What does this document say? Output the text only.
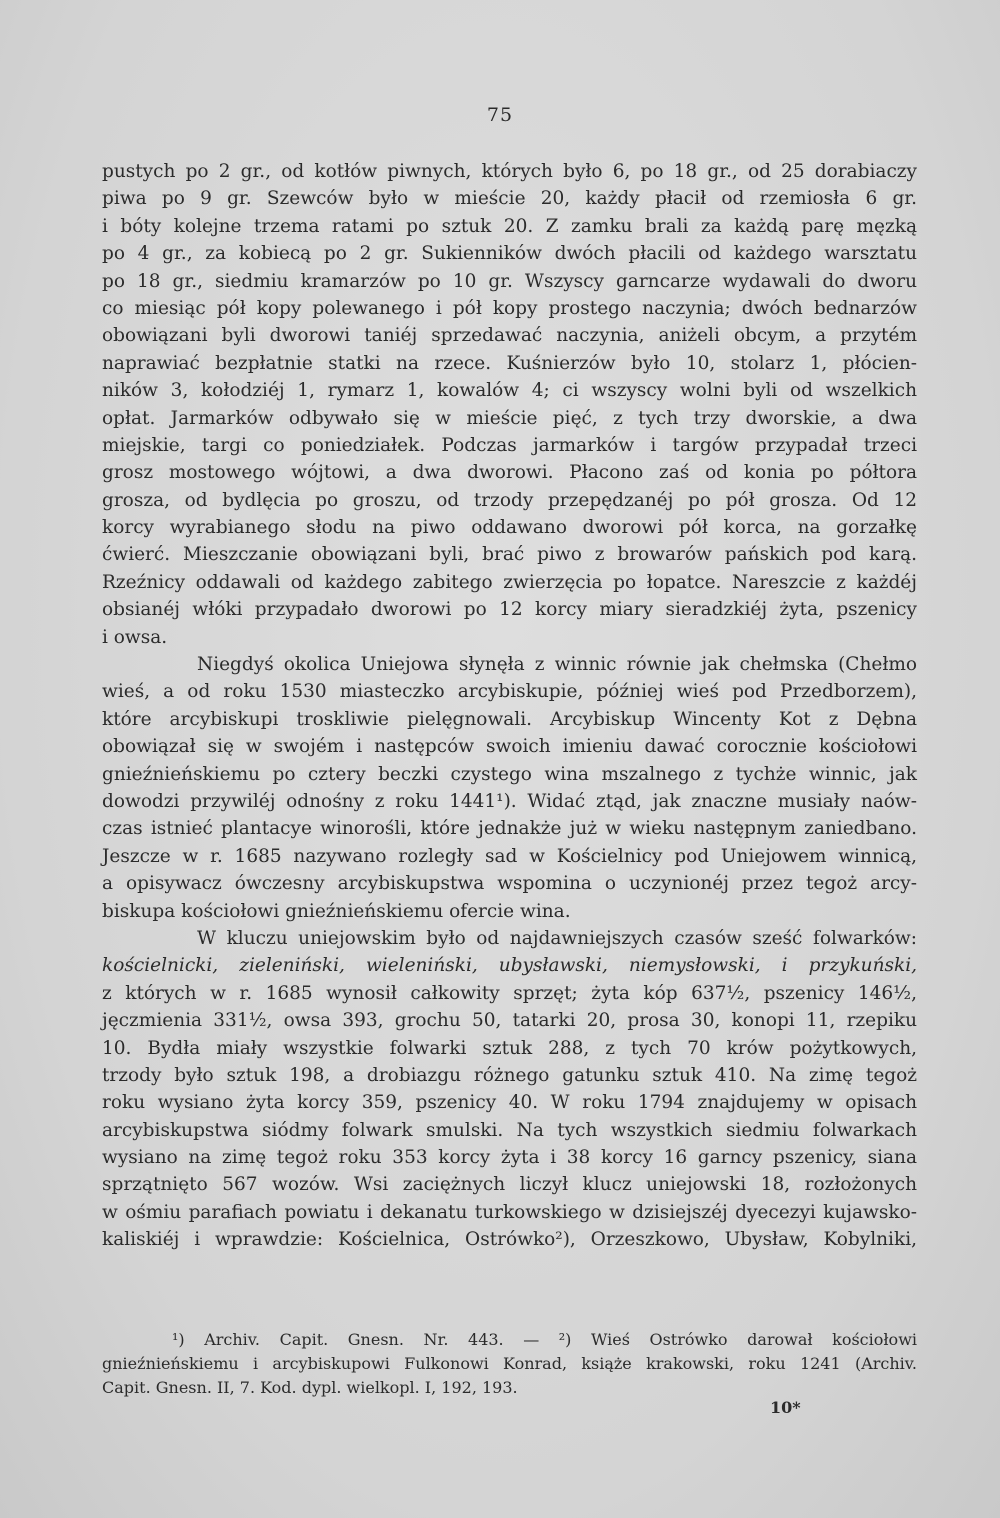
75
pustych po 2 gr., od kotłów piwnych, których było 6, po 18 gr., od 25 dorabiaczy
piwa po 9 gr. Szewców było w mieście 20, każdy płacił od rzemiosła 6 gr.
i bóty kolejne trzema ratami po sztuk 20. Z zamku brali za każdą parę męzką
po 4 gr., za kobiecą po 2 gr. Sukienników dwóch płacili od każdego warsztatu
po 18 gr., siedmiu kramarzów po 10 gr. Wszyscy garncarze wydawali do dworu
co miesiąc pół kopy polewanego i pół kopy prostego naczynia; dwóch bednarzów
obowiązani byli dworowi taniéj sprzedawać naczynia, aniżeli obcym, a przytém
naprawiać bezpłatnie statki na rzece. Kuśnierzów było 10, stolarz 1, płócien-
ników 3, kołodziéj 1, rymarz 1, kowalów 4; ci wszyscy wolni byli od wszelkich
opłat. Jarmarków odbywało się w mieście pięć, z tych trzy dworskie, a dwa
miejskie, targi co poniedziałek. Podczas jarmarków i targów przypadał trzeci
grosz mostowego wójtowi, a dwa dworowi. Płacono zaś od konia po półtora
grosza, od bydlęcia po groszu, od trzody przepędzanéj po pół grosza. Od 12
korcy wyrabianego słodu na piwo oddawano dworowi pół korca, na gorzałkę
ćwierć. Mieszczanie obowiązani byli, brać piwo z browarów pańskich pod karą.
Rzeźnicy oddawali od każdego zabitego zwierzęcia po łopatce. Nareszcie z każdéj
obsianéj włóki przypadało dworowi po 12 korcy miary sieradzkiéj żyta, pszenicy
i owsa.
Niegdyś okolica Uniejowa słynęła z winnic równie jak chełmska (Chełmo
wieś, a od roku 1530 miasteczko arcybiskupie, później wieś pod Przedborzem),
które arcybiskupi troskliwie pielęgnowali. Arcybiskup Wincenty Kot z Dębna
obowiązał się w swojém i następców swoich imieniu dawać corocznie kościołowi
gnieźnieńskiemu po cztery beczki czystego wina mszalnego z tychże winnic, jak
dowodzi przywiléj odnośny z roku 1441¹). Widać ztąd, jak znaczne musiały naów-
czas istnieć plantacye winorośli, które jednakże już w wieku następnym zaniedbano.
Jeszcze w r. 1685 nazywano rozległy sad w Kościelnicy pod Uniejowem winnicą,
a opisywacz ówczesny arcybiskupstwa wspomina o uczynionéj przez tegoż arcy-
biskupa kościołowi gnieźnieńskiemu ofercie wina.
W kluczu uniejowskim było od najdawniejszych czasów sześć folwarków:
kościelnicki, zieleniński, wieleniński, ubysławski, niemysłowski, i przykuński,
z których w r. 1685 wynosił całkowity sprzęt; żyta kóp 637½, pszenicy 146½,
jęczmienia 331½, owsa 393, grochu 50, tatarki 20, prosa 30, konopi 11, rzepiku
10. Bydła miały wszystkie folwarki sztuk 288, z tych 70 krów pożytkowych,
trzody było sztuk 198, a drobiazgu różnego gatunku sztuk 410. Na zimę tegoż
roku wysiano żyta korcy 359, pszenicy 40. W roku 1794 znajdujemy w opisach
arcybiskupstwa siódmy folwark smulski. Na tych wszystkich siedmiu folwarkach
wysiano na zimę tegoż roku 353 korcy żyta i 38 korcy 16 garncy pszenicy, siana
sprzątnięto 567 wozów. Wsi zaciężnych liczył klucz uniejowski 18, rozłożonych
w ośmiu parafiach powiatu i dekanatu turkowskiego w dzisiejszéj dyecezyi kujawsko-
kaliskiéj i wprawdzie: Kościelnica, Ostrówko²), Orzeszkowo, Ubysław, Kobylniki,
¹) Archiv. Capit. Gnesn. Nr. 443. — ²) Wieś Ostrówko darował kościołowi
gnieźnieńskiemu i arcybiskupowi Fulkonowi Konrad, książe krakowski, roku 1241 (Archiv.
Capit. Gnesn. II, 7. Kod. dypl. wielkopl. I, 192, 193.
10*
